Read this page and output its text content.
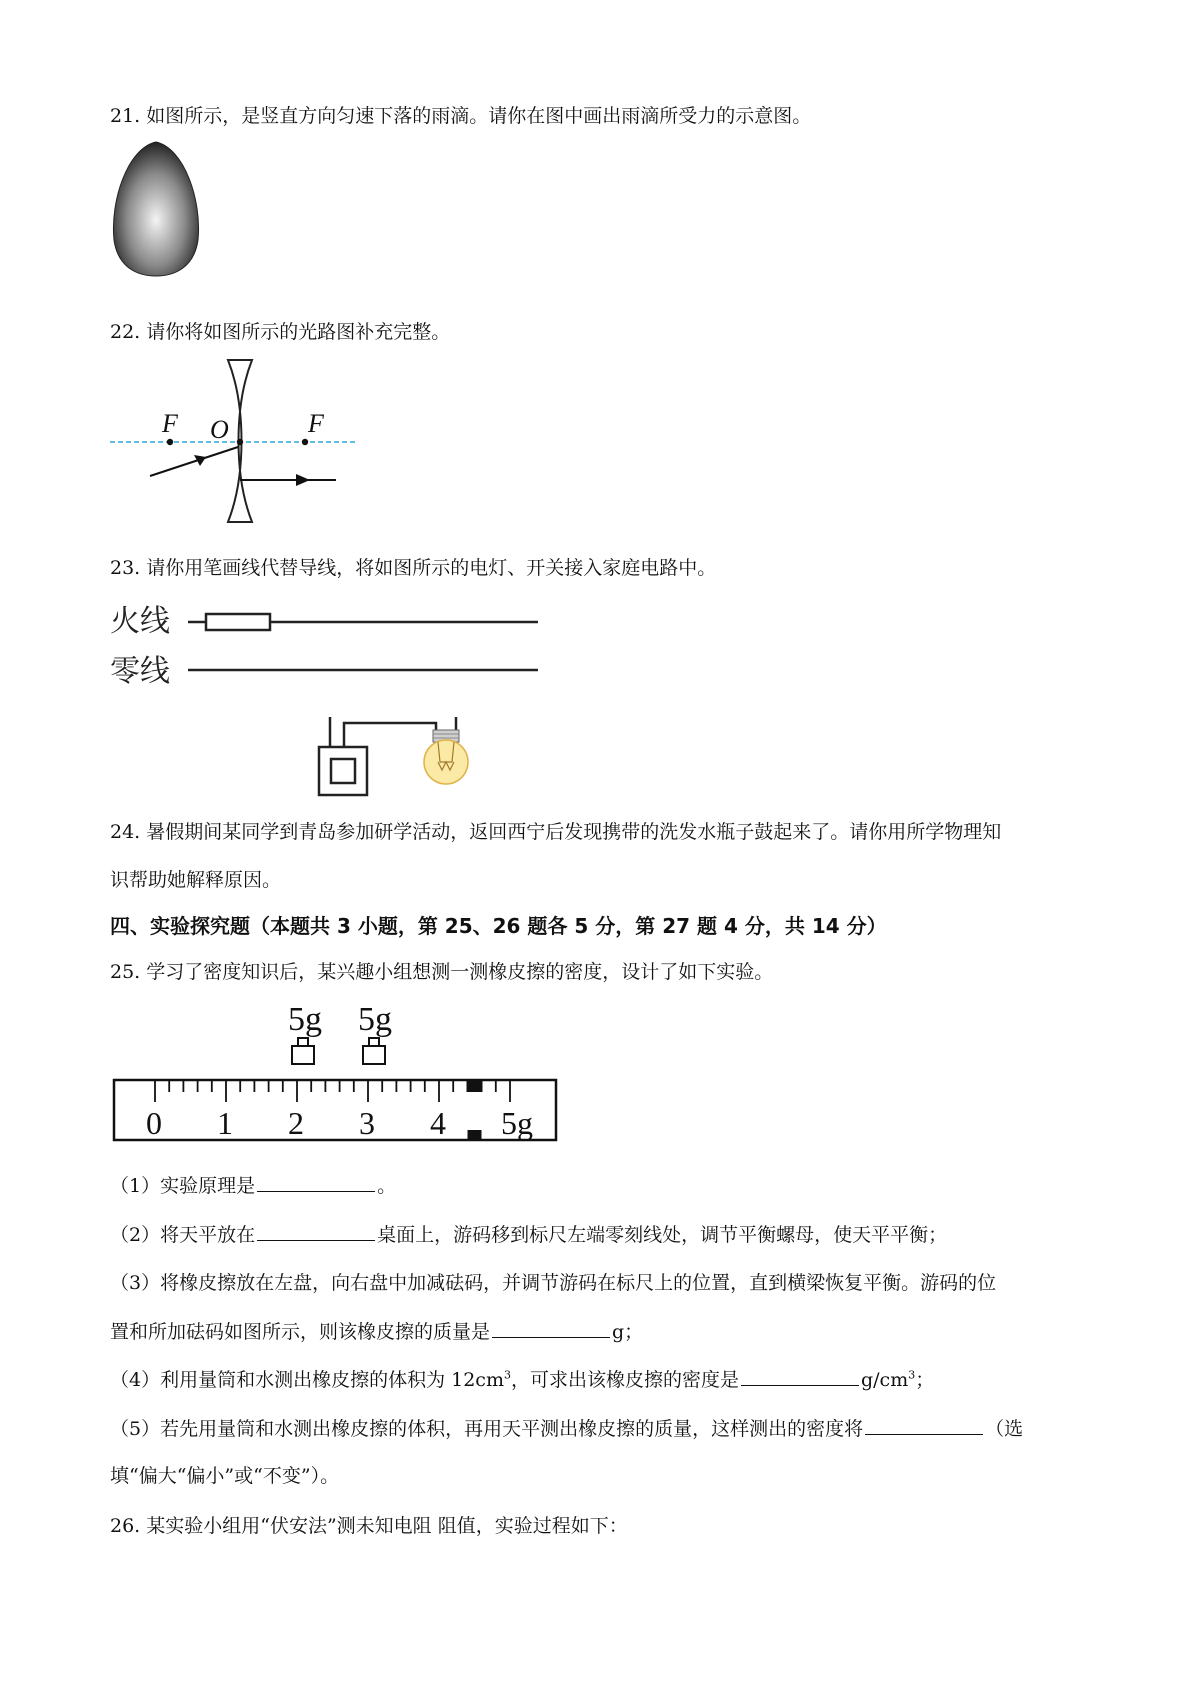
21. 如图所示，是竖直方向匀速下落的雨滴。请你在图中画出雨滴所受力的示意图。
22. 请你将如图所示的光路图补充完整。
F O	F
23. 请你用笔画线代替导线，将如图所示的电灯、开关接入家庭电路中。
火线
零线
24. 暑假期间某同学到青岛参加研学活动，返回西宁后发现携带的洗发水瓶子鼓起来了。请你用所学物理知
识帮助她解释原因。
四、实验探究题（本题共 3 小题，第 25、26 题各 5 分，第 27 题 4 分，共 14 分）
25. 学习了密度知识后，某兴趣小组想测一测橡皮擦的密度，设计了如下实验。
5g 5g
0 1 2 3 4 5g
（1）实验原理是	。
（2）将天平放在	桌面上，游码移到标尺左端零刻线处，调节平衡螺母，使天平平衡；
（3）将橡皮擦放在左盘，向右盘中加减砝码，并调节游码在标尺上的位置，直到横梁恢复平衡。游码的位
置和所加砝码如图所示，则该橡皮擦的质量是	g；
（4）利用量筒和水测出橡皮擦的体积为 $12cm^3$，可求出该橡皮擦的密度是	$g/cm^3$；
（5）若先用量筒和水测出橡皮擦的体积，再用天平测出橡皮擦的质量，这样测出的密度将	（选
填“偏大“偏小”或“不变”）。
26. 某实验小组用“伏安法”测未知电阻 阻值，实验过程如下：
